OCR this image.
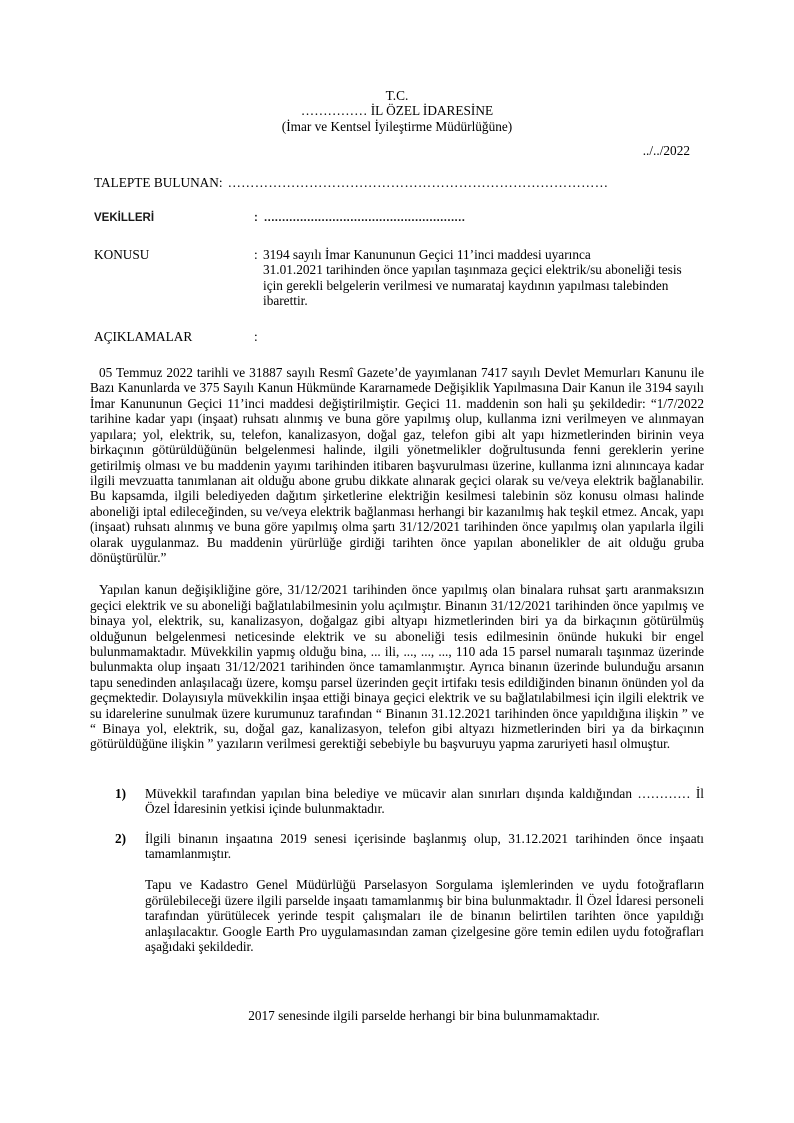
T.C.
…………… İL ÖZEL İDARESİNE
(İmar ve Kentsel İyileştirme Müdürlüğüne)
../../2022
TALEPTE BULUNAN: …………………………………………………………………………
VEKİLLERİ	: ........................................................
KONUSU	: 3194 sayılı İmar Kanununun Geçici 11’inci maddesi uyarınca
31.01.2021 tarihinden önce yapılan taşınmaza geçici elektrik/su aboneliği tesis için gerekli belgelerin verilmesi ve numarataj kaydının yapılması talebinden ibarettir.
AÇIKLAMALAR	:

05 Temmuz 2022 tarihli ve 31887 sayılı Resmî Gazete’de yayımlanan 7417 sayılı Devlet Memurları Kanunu ile Bazı Kanunlarda ve 375 Sayılı Kanun Hükmünde Kararnamede Değişiklik Yapılmasına Dair Kanun ile 3194 sayılı İmar Kanununun Geçici 11’inci maddesi değiştirilmiştir. Geçici 11. maddenin son hali şu şekildedir: “1/7/2022 tarihine kadar yapı (inşaat) ruhsatı alınmış ve buna göre yapılmış olup, kullanma izni verilmeyen ve alınmayan yapılara; yol, elektrik, su, telefon, kanalizasyon, doğal gaz, telefon gibi alt yapı hizmetlerinden birinin veya birkaçının götürüldüğünün belgelenmesi halinde, ilgili yönetmelikler doğrultusunda fenni gereklerin yerine getirilmiş olması ve bu maddenin yayımı tarihinden itibaren başvurulması üzerine, kullanma izni alınıncaya kadar ilgili mevzuatta tanımlanan ait olduğu abone grubu dikkate alınarak geçici olarak su ve/veya elektrik bağlanabilir. Bu kapsamda, ilgili belediyeden dağıtım şirketlerine elektriğin kesilmesi talebinin söz konusu olması halinde aboneliği iptal edileceğinden, su ve/veya elektrik bağlanması herhangi bir kazanılmış hak teşkil etmez. Ancak, yapı (inşaat) ruhsatı alınmış ve buna göre yapılmış olma şartı 31/12/2021 tarihinden önce yapılmış olan yapılarla ilgili olarak uygulanmaz. Bu maddenin yürürlüğe girdiği tarihten önce yapılan abonelikler de ait olduğu gruba dönüştürülür.”

Yapılan kanun değişikliğine göre, 31/12/2021 tarihinden önce yapılmış olan binalara ruhsat şartı aranmaksızın geçici elektrik ve su aboneliği bağlatılabilmesinin yolu açılmıştır. Binanın 31/12/2021 tarihinden önce yapılmış ve binaya yol, elektrik, su, kanalizasyon, doğalgaz gibi altyapı hizmetlerinden biri ya da birkaçının götürülmüş olduğunun belgelenmesi neticesinde elektrik ve su aboneliği tesis edilmesinin önünde hukuki bir engel bulunmamaktadır. Müvekkilin yapmış olduğu bina, ... ili, ..., ..., ..., 110 ada 15 parsel numaralı taşınmaz üzerinde bulunmakta olup inşaatı 31/12/2021 tarihinden önce tamamlanmıştır. Ayrıca binanın üzerinde bulunduğu arsanın tapu senedinden anlaşılacağı üzere, komşu parsel üzerinden geçit irtifakı tesis edildiğinden binanın önünden yol da geçmektedir. Dolayısıyla müvekkilin inşaa ettiği binaya geçici elektrik ve su bağlatılabilmesi için ilgili elektrik ve su idarelerine sunulmak üzere kurumunuz tarafından “ Binanın 31.12.2021 tarihinden önce yapıldığına ilişkin ” ve “ Binaya yol, elektrik, su, doğal gaz, kanalizasyon, telefon gibi altyazı hizmetlerinden biri ya da birkaçının götürüldüğüne ilişkin ” yazıların verilmesi gerektiği sebebiyle bu başvuruyu yapma zaruriyeti hasıl olmuştur.

1)	Müvekkil tarafından yapılan bina belediye ve mücavir alan sınırları dışında kaldığından ………… İl Özel İdaresinin yetkisi içinde bulunmaktadır.
2)	İlgili binanın inşaatına 2019 senesi içerisinde başlanmış olup, 31.12.2021 tarihinden önce inşaatı tamamlanmıştır.

Tapu ve Kadastro Genel Müdürlüğü Parselasyon Sorgulama işlemlerinden ve uydu fotoğrafların görülebileceği üzere ilgili parselde inşaatı tamamlanmış bir bina bulunmaktadır. İl Özel İdaresi personeli tarafından yürütülecek yerinde tespit çalışmaları ile de binanın belirtilen tarihten önce yapıldığı anlaşılacaktır. Google Earth Pro uygulamasından zaman çizelgesine göre temin edilen uydu fotoğrafları aşağıdaki şekildedir.

2017 senesinde ilgili parselde herhangi bir bina bulunmamaktadır.
